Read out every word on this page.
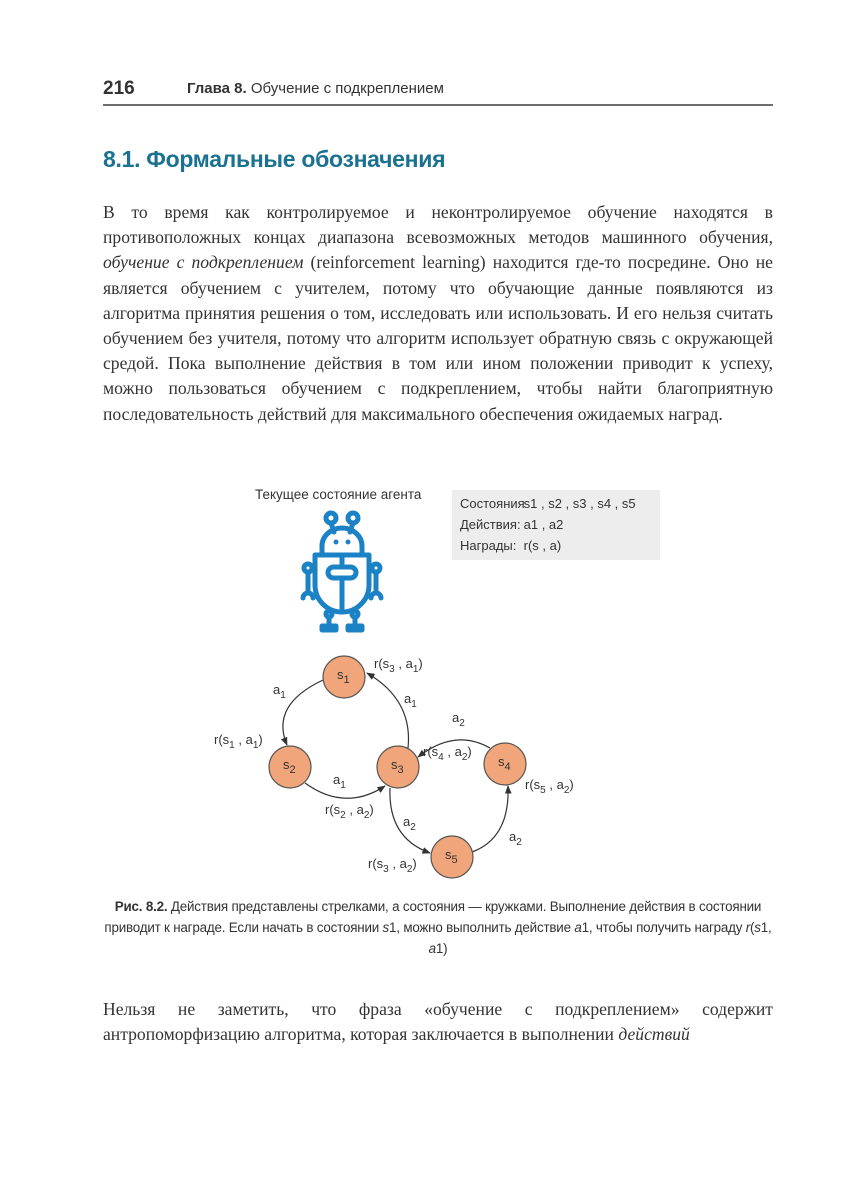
216	Глава 8. Обучение с подкреплением
8.1. Формальные обозначения
В то время как контролируемое и неконтролируемое обучение находятся в противоположных концах диапазона всевозможных методов машинного обучения, обучение с подкреплением (reinforcement learning) находится где-то посредине. Оно не является обучением с учителем, потому что обучающие данные появляются из алгоритма принятия решения о том, исследовать или использовать. И его нельзя считать обучением без учителя, потому что алгоритм использует обратную связь с окружающей средой. Пока выполнение действия в том или ином положении приводит к успеху, можно пользоваться обучением с подкреплением, чтобы найти благоприятную последовательность действий для максимального обеспечения ожидаемых наград.
Текущее состояние агента
Состояния s1 , s2 , s3 , s4 , s5
Действия: a1 , a2
Награды: r(s , a)
$s_1$
$s_2$	$s_3$
$s_4$
$s_5$
$a_1$	$a_1$
$a_1$
$a_2$
$a_2$
$a_2$
$r(s_3$ , $a_1$)
$r(s_1$ , $a_1$)
$r(s_4$ , $a_2$)
$r(s_5$ , $a_2$)
$r(s_2$ , $a_2$)
$r(s_3$ , $a_2$)
Рис. 8.2. Действия представлены стрелками, а состояния — кружками. Выполнение действия в состоянии приводит к награде. Если начать в состоянии s1, можно выполнить действие a1, чтобы получить награду r(s1, a1)
Нельзя не заметить, что фраза «обучение с подкреплением» содержит антропоморфизацию алгоритма, которая заключается в выполнении действий
